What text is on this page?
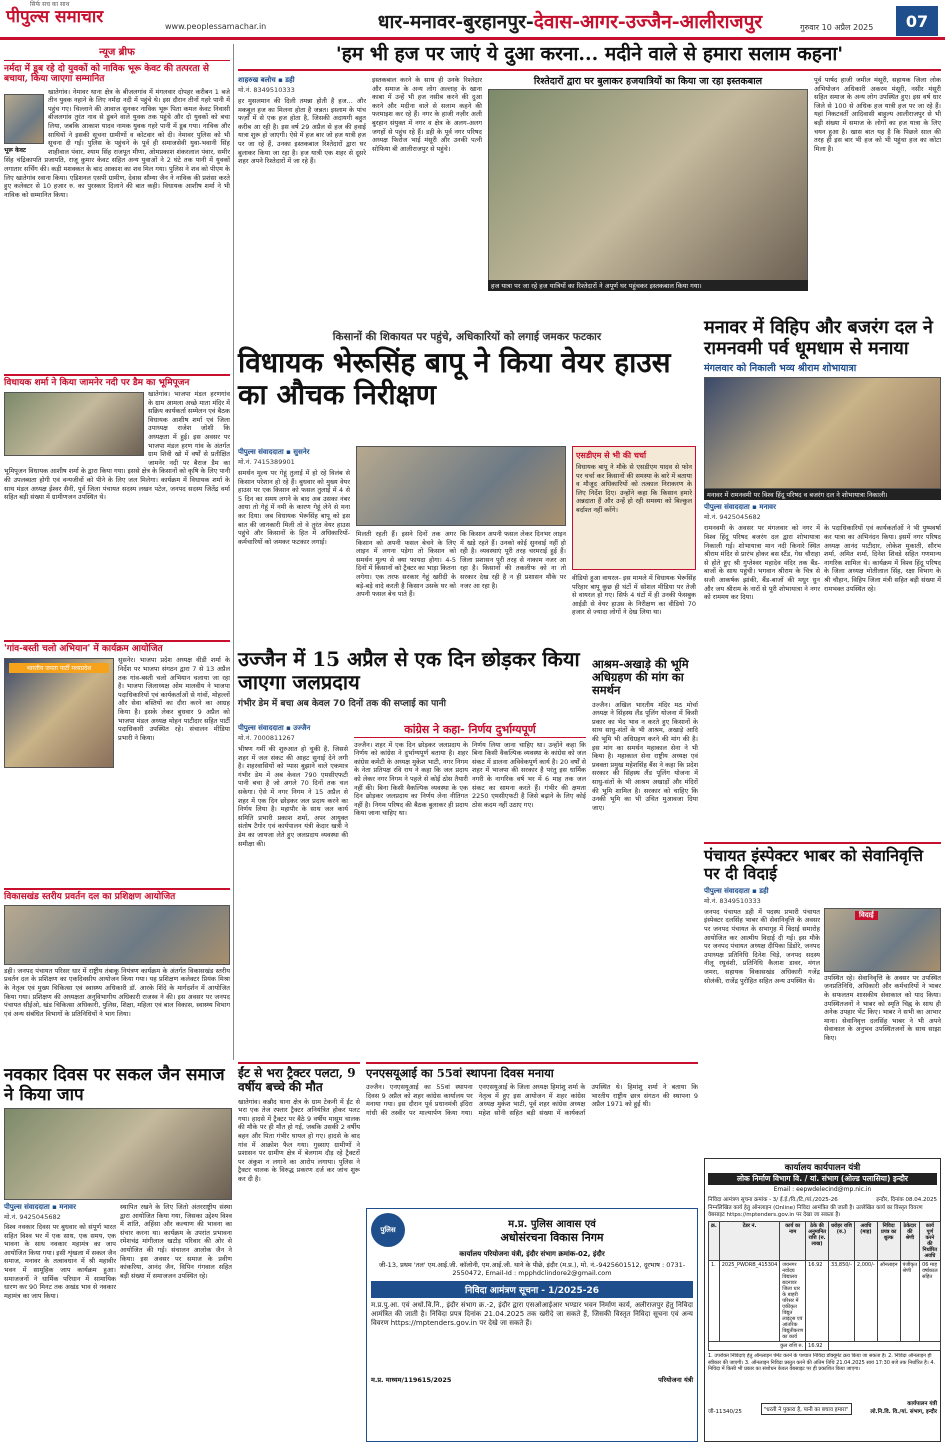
पीपुल्स समाचार
सिर्फ सच का साथ
www.peoplessamachar.in	धार-मनावर-बुरहानपुर- देवास-आगर-उज्जैन-आलीराजपुर	गुरुवार 10 अप्रैल 2025	07
न्यूज ब्रीफ
नर्मदा में डूब रहे दो युवकों को नाविक भूरू केवट की तत्परता से बचाया, किया जाएगा सम्मानित
भूरू केवट
खातेगांव। नेमावर थाना क्षेत्र के बीजलगांव में मंगलवार दोपहर करीबन 1 बजे तीन युवक नहाने के लिए नर्मदा नदी में पहुंचे थे। इस दौरान तीनों गहरे पानी में पहुंच गए। चिल्लाने की आवाज सुनकर नाविक भूरू पिता कमल केवट निवासी बीजलगांव तुरंत नाव से डूबने वाले युवक तक पहुंचे और दो युवकों को बचा लिया, जबकि आकाश यादव नामक युवक गहरे पानी में डूब गया। नाविक और साथियों ने इसकी सूचना ग्रामीणों व कोटवार को दी। नेमावर पुलिस को भी सूचना दी गई। पुलिस के पहुंचने के पूर्व ही समाजसेवी युवा-भवानी सिंह शाहीवाल पंवार, श्याम सिंह राजपूत मीणा, ओमप्रकाश शंकरलाल पंवार, समीर सिंह चंद्रिकापति प्रजापति, राजू कुमार केवट सहित अन्य युवाओं ने 2 घंटे तक पानी में युवकों लगातार सर्चिंग की। कड़ी मशक्कत के बाद आकाश का शव मिल गया। पुलिस ने शव को पीएम के लिए खातेगांव रवाना किया। एडिशनल एसपी ग्रामीण, देवास सौम्या जैन ने नाविक की प्रशंसा करते हुए कलेक्टर से 10 हजार रु. का पुरस्कार दिलाने की बात कही। विधायक आशीष शर्मा ने भी नाविक को सम्मानित किया।
विधायक शर्मा ने किया जामनेर नदी पर डैम का भूमिपूजन
खातेगांव। भाजपा मंडल हरणगांव के ग्राम आमला अच्छे माता मंदिर में सक्रिय कार्यकर्ता सम्मेलन एवं बैठक विधायक आशीष शर्मा एवं जिला उपाध्यक्ष राजेश जोशी कि अध्यक्षता में हुई। इस अवसर पर भाजपा मंडल हरण गांव के अंतर्गत ग्राम शिवी खो में वर्षों से प्रतीक्षित जामनेर नदी पर बैराज डैम का भूमिपूजन विधायक आशीष शर्मा के द्वारा किया गया। इससे क्षेत्र के किसानों को कृषि के लिए पानी की उपलब्धता होगी एवं वन्यजीवों को पीने के लिए जल मिलेगा। कार्यक्रम में विधायक शर्मा के साथ मंडल अध्यक्ष ईश्वर सैनी, पूर्व जिला पंचायत सदस्य लखन पटेल, जनपद सदस्य जितेंद्र वर्मा सहित बड़ी संख्या में ग्रामीणजन उपस्थित थे।
'गांव-बस्ती चलो अभियान' में कार्यक्रम आयोजित
भारतीय जनता पार्टी मध्यप्रदेश
सुसनेर। भाजपा प्रदेश अध्यक्ष वीडी शर्मा के निर्देश पर भाजपा संगठन द्वारा 7 से 13 अप्रैल तक गांव-बस्ती चलो अभियान चलाया जा रहा है। भाजपा जिलाध्यक्ष ओम मालवीय ने भाजपा पदाधिकारियों एवं कार्यकर्ताओं से गांवों, मोहल्लों और सेवा बस्तियों का दौरा करने का आग्रह किया है। इसके लेकर बुधवार 9 अप्रैल को भाजपा मंडल अध्यक्ष मोहन पाटीदार सहित पार्टी पदाधिकारी उपस्थित रहे। संचालन मीडिया प्रभारी ने किया।
विकासखंड स्तरीय प्रवर्तन दल का प्रशिक्षण आयोजित
डही। जनपद पंचायत परिसर धार में राष्ट्रीय तंबाकू नियंत्रण कार्यक्रम के अंतर्गत विकासखंड स्तरीय प्रवर्तन दल के प्रशिक्षण का एकदिवसीय आयोजन किया गया। यह प्रशिक्षण कलेक्टर प्रियंक मिश्रा के नेतृत्व एवं मुख्य चिकित्सा एवं स्वास्थ्य अधिकारी डॉ. आरके शिंदे के मार्गदर्शन में आयोजित किया गया। प्रशिक्षण की अध्यक्षता अनुविभागीय अधिकारी राजस्व ने की। इस अवसर पर जनपद पंचायत सीईओ, खंड चिकित्सा अधिकारी, पुलिस, शिक्षा, महिला एवं बाल विकास, स्वास्थ्य विभाग एवं अन्य संबंधित विभागों के प्रतिनिधियों ने भाग लिया।
'हम भी हज पर जाएं ये दुआ करना... मदीने वाले से हमारा सलाम कहना'
शाहरुख बलोच ▪ डही
मो.नं. 8349510333
हर मुसलमान की दिली तमन्ना होती है हज... और मकबूल हज का मिलना होता है जन्नत। इस्लाम के पांच फर्ज़ों में से एक हज होता है, जिसकी अदायगी बहुत करीब आ रही है। इस वर्ष 29 अप्रैल से हज की हवाई यात्रा शुरू हो जाएगी। ऐसे में हज बार जो हज यात्री हज पर जा रहे हैं, उनका इस्तकबाल रिश्तेदारों द्वारा घर बुलाकर किया जा रहा है। हज यात्री एक शहर से दूसरे शहर अपने रिश्तेदारों में जा रहे हैं।
इस्तकबाल करने के साथ ही उनके रिश्तेदार और समाज के अन्य लोग अल्लाह के खाना काबा में उन्हें भी हज नसीब करने की दुआ करने और मदीना वाले से सलाम कहने की फरमाइश कर रहे हैं। नगर के हाजी नज़ीर अली बुरहान संयुक्त में नगर व क्षेत्र के अलग-अलग जगहों से पहुंच रहे हैं। डही के पूर्व नगर परिषद अध्यक्ष फिरोज भाई मंसूरी और उनकी पत्नी सोफिया बी आलीराजपुर से पहुंचे।
रिश्तेदारों द्वारा घर बुलाकर हजयात्रियों का किया जा रहा इस्तकबाल
हज यात्रा पर जा रहे हज यात्रियों का रिश्तेदारों ने अपूर्ण घर पहुंचकर इस्तकबाल किया गया।
पूर्व पार्षद हाजी जमील मंसूरी, सहायक जिला लोक अभियोजन अधिकारी अकरम मंसूरी, नसीर मंसूरी सहित समाज के अन्य लोग उपस्थित हुए। इस वर्ष धार जिले से 100 से अधिक हज यात्री हज पर जा रहे हैं। यहां निकटवर्ती आदिवासी बाहुल्य आलीराजपुर से भी बड़ी संख्या में समाज के लोगों का हज यात्रा के लिए चयन हुआ है। खास बात यह है कि पिछले साल की तरह ही इस बार भी हज को भी पहुंचा हज का कोटा मिला है।
किसानों की शिकायत पर पहुंचे, अधिकारियों को लगाई जमकर फटकार
विधायक भेरूसिंह बापू ने किया वेयर हाउस का औचक निरीक्षण
पीपुल्स संवाददाता ▪ सुसनेर
मो.नं. 7415389901
समर्थन मूल्य पर गेहूं तुलाई में हो रहे विलंब से किसान परेशान हो रहे हैं। बुधवार को मुख्य वेयर हाउस पर एक किसान को फसल तुलाई में 4 से 5 दिन का समय लगने के बाद अब उसका नंबर आया तो गेहूं में नमी के कारण गेहूं लेने से मना कर दिया। जब विधायक भेरूसिंह बापू को इस बात की जानकारी मिली तो वे तुरंत वेयर हाउस पहुंचे और किसानों के हित में अधिकारियों-कर्मचारियों को जमकर फटकार लगाई।
मिलती रहती हैं। इसने दिनों तक अगर किसान को अपनी फसल बेचने के लिए लाइन में लगना पड़ेगा तो किसान को समर्थन मूल्य से क्या फायदा होगा। 4-5 दिनों में किसानों को ट्रैक्टर का भाड़ा कितना लगेगा। एक तरफ सरकार गेहूं खरीदी के बड़े-बड़े वादे करती है किसान उसके घर को अपनी फसल बेच पाते हैं।
कि किसान अपनी फसल लेकर दिनभर लाइन में खड़े रहते हैं। उनको कोई सुनवाई नहीं हो रही है। व्यवस्थाएं पूरी तरह चरमराई हुई हैं। जिला प्रशासन पूरी तरह से नाकाम नजर आ रहा है। किसानों की तकलीफ को ना तो सरकार देख रही है न ही प्रशासन मौके पर नजर आ रहा है।
एसडीएम से भी की चर्चा
विधायक बापू ने मौके से एसडीएम यादव से फोन पर चर्चा कर किसानों की समस्या के बारे में बताया व मौजूद अधिकारियों को तत्काल निराकरण के लिए निर्देश दिए। उन्होंने कहा कि किसान हमारे अन्नदाता हैं और उन्हें हो रही समस्या को बिल्कुल बर्दाश्त नहीं करेंगे।
वीडियो हुआ वायरल- इस मामले में विधायक भेरूसिंह परिहार बापू कुछ ही घंटों में सोशल मीडिया पर तेजी से वायरल हो गए। सिर्फ 4 घंटों में ही उनकी फेसबुक आईडी से वेयर हाउस के निरीक्षण का वीडियो 70 हजार से ज्यादा लोगों ने देख लिया था।
मनावर में विहिप और बजरंग दल ने रामनवमी पर्व धूमधाम से मनाया
मंगलवार को निकाली भव्य श्रीराम शोभायात्रा
मनावर में रामनवमी पर विश्व हिंदू परिषद व बजरंग दल ने शोभायात्रा निकाली।
पीपुल्स संवाददाता ▪ मनावर
मो.नं. 9425045682
रामनवमी के अवसर पर मंगलवार को नगर में विश्व हिंदू परिषद बजरंग दल द्वारा शोभायात्रा निकाली गई। शोभायात्रा मान नदी किनारे स्थित श्रीराम मंदिर से प्रारंभ होकर बस स्टैंड, गेस चौराहा से होते हुए श्री गुप्तेश्वर महादेव मंदिर तक बैंड-बाजों के साथ पहुंची। भगवान श्रीराम के चित्र से सजी आकर्षक झांकी, बैंड-बाजों की मधुर धुन और जय श्रीराम के नारों से पूरी शोभायात्रा ने नगर को राममय कर दिया।
के पदाधिकारियों एवं कार्यकर्ताओं ने भी पुष्पवर्षा कर यात्रा का अभिनंदन किया। इसमें नगर परिषद अध्यक्ष आनंद पाटीदार, लोकेश मुकाती, सौरभ शर्मा, अमित शर्मा, दिनेश शिवडे सहित गणमान्य नागरिक शामिल थे। कार्यक्रम में विश्व हिंदू परिषद के जिला अध्यक्ष मोतीलाल सिंह, रक्षा विभाग के श्री चौहान, विहिप जिला मंत्री सहित बड़ी संख्या में रामभक्त उपस्थित रहे।
उज्जैन में 15 अप्रैल से एक दिन छोड़कर किया जाएगा जलप्रदाय
गंभीर डेम में बचा अब केवल 70 दिनों तक की सप्लाई का पानी
पीपुल्स संवाददाता ▪ उज्जैन
मो.नं. 7000811267
भीषण गर्मी की शुरुआत हो चुकी है, जिससे शहर में जल संकट की आहट सुनाई देने लगी है। शहरवासियों को प्यास बुझाने वाले एकमात्र गंभीर डेम में अब केवल 790 एमसीएफटी पानी बचा है जो अगले 70 दिनों तक चल सकेगा। ऐसे में नगर निगम ने 15 अप्रैल से शहर में एक दिन छोड़कर जल प्रदाय करने का निर्णय लिया है। महापौर के साथ जल कार्य समिति प्रभारी प्रकाश शर्मा, अपर आयुक्त संतोष टैगोर एवं कार्यपालन यंत्री केदार खत्री ने डेम का जायजा लेते हुए जलप्रदाय व्यवस्था की समीक्षा की।
कांग्रेस ने कहा- निर्णय दुर्भाग्यपूर्ण
उज्जैन। शहर में एक दिन छोड़कर जलप्रदाय के निर्णय को कांग्रेस ने दुर्भाग्यपूर्ण बताया है। शहर कांग्रेस कमेटी के अध्यक्ष मुकेश भाटी, नगर निगम के नेता प्रतिपक्ष रवि राय ने कहा कि जल प्रदाय को लेकर नगर निगम ने पहले से कोई ठोस तैयारी नहीं की। बिना किसी वैकल्पिक व्यवस्था के एक दिन छोड़कर जलप्रदाय का निर्णय लेना नीतिगत नहीं है। निगम परिषद की बैठक बुलाकर ही प्रदाय किया जाना चाहिए था।
निर्णय लिया जाना चाहिए था। उन्होंने कहा कि बिना किसी वैकल्पिक व्यवस्था के कांग्रेस को जल संकट में डालना अविवेकपूर्ण कार्य है। 20 वर्षों से शहर में भाजपा की सरकार है परंतु इस धार्मिक नगरी के नागरिक वर्ष भर में 6 माह तक जल संकट का सामना करते हैं। गंभीर की क्षमता 2250 एमसीएफटी है जिसे बढ़ाने के लिए कोई ठोस कदम नहीं उठाए गए।
आश्रम-अखाड़े की भूमि अधिग्रहण की मांग का समर्थन
उज्जैन। अखिल भारतीय मंदिर मठ मोर्चा अध्यक्ष ने सिंहस्थ लैंड पूलिंग योजना में किसी प्रकार का भेद भाव न करते हुए किसानों के साथ साधु-संतों के भी आश्रम, अखाड़े आदि की भूमि भी अधिग्रहण करने की मांग की है। इस मांग का समर्थन महाकाल सेना ने भी किया है। महाकाल सेना राष्ट्रीय अध्यक्ष एवं प्रवक्ता प्रमुख महेशसिंह बैंस ने कहा कि प्रदेश सरकार की सिंहस्थ लैंड पूलिंग योजना में साधु-संतों के भी आश्रम अखाड़ों और मंदिरों की भूमि शामिल है। सरकार को चाहिए कि उनकी भूमि का भी उचित मुआवजा दिया जाए।
पंचायत इंस्पेक्टर भाबर को सेवानिवृत्ति पर दी विदाई
पीपुल्स संवाददाता ▪ डही
मो.नं. 8349510333
जनपद पंचायत डही में पदस्थ प्रभारी पंचायत इंस्पेक्टर दलसिंह भाबर की सेवानिवृत्ति के अवसर पर जनपद पंचायत के सभागृह में विदाई समारोह आयोजित कर आत्मीय विदाई दी गई। इस मौके पर जनपद पंचायत अध्यक्ष दीपिका डिंडोरे, जनपद उपाध्यक्ष प्रतिनिधि दिनेश चिड़े, जनपद सदस्य नीलू रघुवंशी, प्रतिनिधि कैलाश डावर, मंगल जमरा, सहायक विकासखंड अधिकारी गजेंद्र सोलंकी, राजेंद्र पुरोहित सहित अन्य उपस्थित थे।
विदाई
उपस्थित रहे। सेवानिवृत्ति के अवसर पर उपस्थित जनप्रतिनिधि, अधिकारी और कर्मचारियों ने भाबर के सफलतम शासकीय सेवाकाल को याद किया। उपस्थितजनों ने भाबर को स्मृति चिह्न के साथ ही अनेक उपहार भेंट किए। भाबर ने सभी का आभार माना। सेवानिवृत्त दलसिंह भाबर ने भी अपने सेवाकाल के अनुभव उपस्थितजनों के साथ साझा किए।
ईंट से भरा ट्रैक्टर पलटा, 9 वर्षीय बच्चे की मौत
खातेगांव। कन्नौद थाना क्षेत्र के ग्राम टेकनी में ईंट से भरा एक तेज रफ्तार ट्रैक्टर अनियंत्रित होकर पलट गया। हादसे में ट्रैक्टर पर बैठे 9 वर्षीय मासूम चालक की मौके पर ही मौत हो गई, जबकि उसकी 2 वर्षीय बहन और पिता गंभीर घायल हो गए। हादसे के बाद गांव में आक्रोश फैल गया। गुस्साए ग्रामीणों ने प्रशासन पर ग्रामीण क्षेत्र में बेलगाम दौड़ रहे ट्रैक्टरों पर अंकुश न लगाने का आरोप लगाया। पुलिस ने ट्रैक्टर चालक के विरुद्ध प्रकरण दर्ज कर जांच शुरू कर दी है।
एनएसयूआई का 55वां स्थापना दिवस मनाया
उज्जैन। एनएसयूआई का 55वां स्थापना दिवस 9 अप्रैल को शहर कांग्रेस कार्यालय पर मनाया गया। इस दौरान पूर्व प्रधानमंत्री इंदिरा गांधी की तस्वीर पर माल्यार्पण किया गया। एनएसयूआई के जिला अध्यक्ष हिमांशु शर्मा के नेतृत्व में हुए इस आयोजन में शहर कांग्रेस अध्यक्ष मुकेश भाटी, पूर्व शहर कांग्रेस अध्यक्ष महेश सोनी सहित बड़ी संख्या में कार्यकर्ता उपस्थित थे। हिमांशु शर्मा ने बताया कि भारतीय राष्ट्रीय छात्र संगठन की स्थापना 9 अप्रैल 1971 को हुई थी।
पुलिस	म.प्र. पुलिस आवास एवं
अधोसंरचना विकास निगम
कार्यालय परियोजना यंत्री, इंदौर संभाग क्रमांक-02, इंदौर
जी-13, प्रथम 'तल' एम.आई.जी. कॉलोनी, एम.आई.जी. थाने के पीछे, इंदौर (म.प्र.), मो. नं.-9425601512, दूरभाष : 0731-2550472, Email-Id : mpphdclindore2@gmail.com
निविदा आमंत्रण सूचना - 1/2025-26
म.प्र.पु.आ. एवं अधो.वि.नि., इंदौर संभाग क्र.-2, इंदौर द्वारा एसओआईआर भण्डार भवन निर्माण कार्य, अलीराजपुर हेतु निविदा आमंत्रित की जाती है। निविदा प्रपत्र दिनांक 21.04.2025 तक खरीदे जा सकते हैं, जिसकी विस्तृत निविदा सूचना एवं अन्य विवरण https://mptenders.gov.in पर देखे जा सकते हैं।
म.प्र. माध्यम/119615/2025	परियोजना यंत्री
नवकार दिवस पर सकल जैन समाज ने किया जाप
पीपुल्स संवाददाता ▪ मनावर
मो.नं. 9425045682
विश्व नवकार दिवस पर बुधवार को संपूर्ण भारत सहित विश्व भर में एक साथ, एक समय, एक भावना के साथ नवकार महामंत्र का जाप आयोजित किया गया। इसी शृंखला में सकल जैन समाज, मनावर के तत्वावधान में श्री महावीर भवन में सामूहिक जाप कार्यक्रम हुआ। समाजजनों ने धार्मिक परिधान में सामायिक धारण कर 90 मिनट तक अखंड भाव से नवकार महामंत्र का जाप किया।
स्थापित रखने के लिए जितो अंतरराष्ट्रीय संस्था द्वारा आयोजित किया गया, जिसका उद्देश्य विश्व में शांति, अहिंसा और कल्याण की भावना का संचार करना था। कार्यक्रम के उपरांत प्रभावना रमेशचंद्र मांगीलाल खटोड़ परिवार की ओर से आयोजित की गई। संचालन आलोक जैन ने किया। इस अवसर पर समाज के प्रवीण कांकरिया, आनंद जैन, विपिन गंगवाल सहित बड़ी संख्या में समाजजन उपस्थित रहे।
कार्यालय कार्यपालन यंत्री
लोक निर्माण विभाग वि. / यां. संभाग (ओल्ड पलासिया) इन्दौर
Email : eepwdelecind@mp.nic.in
निविदा आमंत्रण सूचना क्रमांक - 3/ ई.ई./वि./टि./यां./2025-26	इन्दौर, दिनांक 08.04.2025
निम्नलिखित कार्य हेतु ऑनलाइन (Online) निविदा आमंत्रित की जाती है। उल्लेखित कार्य का विस्तृत विवरण वेबसाइट https://mptenders.gov.in पर देखा जा सकता है।
क्र.	टेंडर नं.	कार्य का नाम	ठेके की अनुमानित राशि (रु. लाख)	धरोहर राशि (रु.)	अवधि (माह)	निविदा प्रपत्र का शुल्क	ठेकेदार की श्रेणी	कार्य पूर्ण करने की निर्धारित अवधि
1.	2025_PWDRB_415304	जयनगर नवोदय विद्यालय बदनावर जिला धार के बाहरी परिसर में एकीकृत विद्युत लाइट्स एवं आंतरिक विद्युतीकरण का कार्य	16.92	33,850/-	2,000/-	ऑनलाइन	पंजीकृत श्रेणी	06 माह वर्षाकाल सहित
कुल राशि रु.			16.92					
1. उपरोक्त निविदाएं हेतु ऑनलाइन पेमेंट करने के पश्चात निविदा डॉक्यूमेंट क्रय किया जा सकता है। 2. निविदा ऑनलाइन ही स्वीकार की जाएगी। 3. ऑनलाइन निविदा प्रस्तुत करने की अंतिम तिथि 21.04.2025 सायं 17:30 बजे तक निर्धारित है। 4. निविदा में किसी भी प्रकार का संशोधन केवल वेबसाइट पर ही प्रकाशित किया जाएगा।
जी-11340/25	"धरती ने पुकारा है, पानी का बचाव हमारा"
कार्यपालन यंत्री
लो.नि.वि. वि./यां. संभाग, इन्दौर
